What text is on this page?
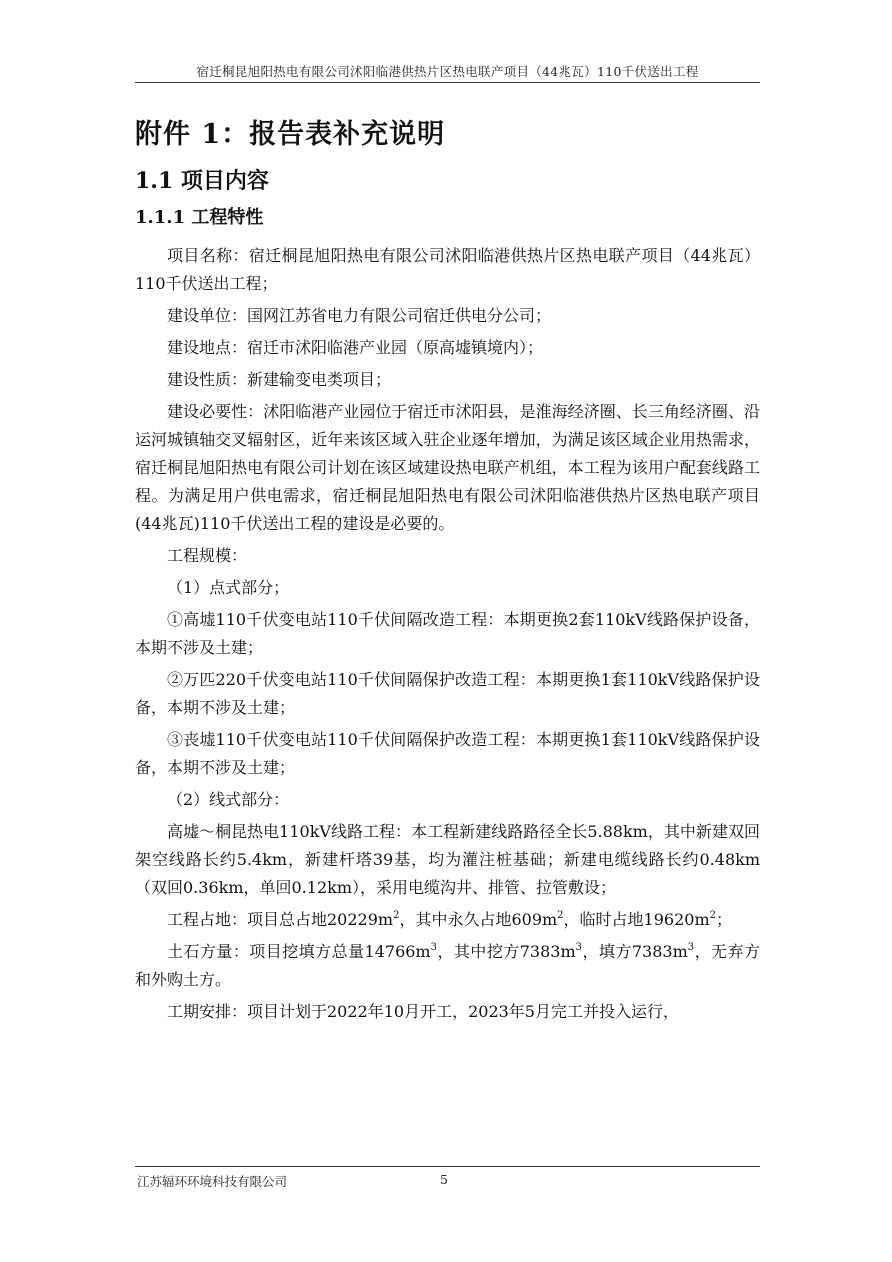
宿迁桐昆旭阳热电有限公司沭阳临港供热片区热电联产项目（44兆瓦）110千伏送出工程
附件 1：报告表补充说明
1.1 项目内容
1.1.1 工程特性

项目名称：宿迁桐昆旭阳热电有限公司沭阳临港供热片区热电联产项目（44兆瓦）110千伏送出工程；

建设单位：国网江苏省电力有限公司宿迁供电分公司；

建设地点：宿迁市沭阳临港产业园（原高墟镇境内）；

建设性质：新建输变电类项目；

建设必要性：沭阳临港产业园位于宿迁市沭阳县，是淮海经济圈、长三角经济圈、沿运河城镇轴交叉辐射区，近年来该区域入驻企业逐年增加，为满足该区域企业用热需求，宿迁桐昆旭阳热电有限公司计划在该区域建设热电联产机组，本工程为该用户配套线路工程。为满足用户供电需求，宿迁桐昆旭阳热电有限公司沭阳临港供热片区热电联产项目(44兆瓦)110千伏送出工程的建设是必要的。

工程规模：

（1）点式部分；

①高墟110千伏变电站110千伏间隔改造工程：本期更换2套110kV线路保护设备，本期不涉及土建；

②万匹220千伏变电站110千伏间隔保护改造工程：本期更换1套110kV线路保护设备，本期不涉及土建；

③丧墟110千伏变电站110千伏间隔保护改造工程：本期更换1套110kV线路保护设备，本期不涉及土建；

（2）线式部分：

高墟～桐昆热电110kV线路工程：本工程新建线路路径全长5.88km，其中新建双回架空线路长约5.4km，新建杆塔39基，均为灌注桩基础；新建电缆线路长约0.48km（双回0.36km，单回0.12km），采用电缆沟井、排管、拉管敷设；

工程占地：项目总占地$20229m^2$，其中永久占地$609m^2$，临时占地$19620m^2$；

土石方量：项目挖填方总量$14766m^3$，其中挖方$7383m^3$，填方$7383m^3$，无弃方和外购土方。

工期安排：项目计划于2022年10月开工，2023年5月完工并投入运行，

江苏辐环环境科技有限公司	5
